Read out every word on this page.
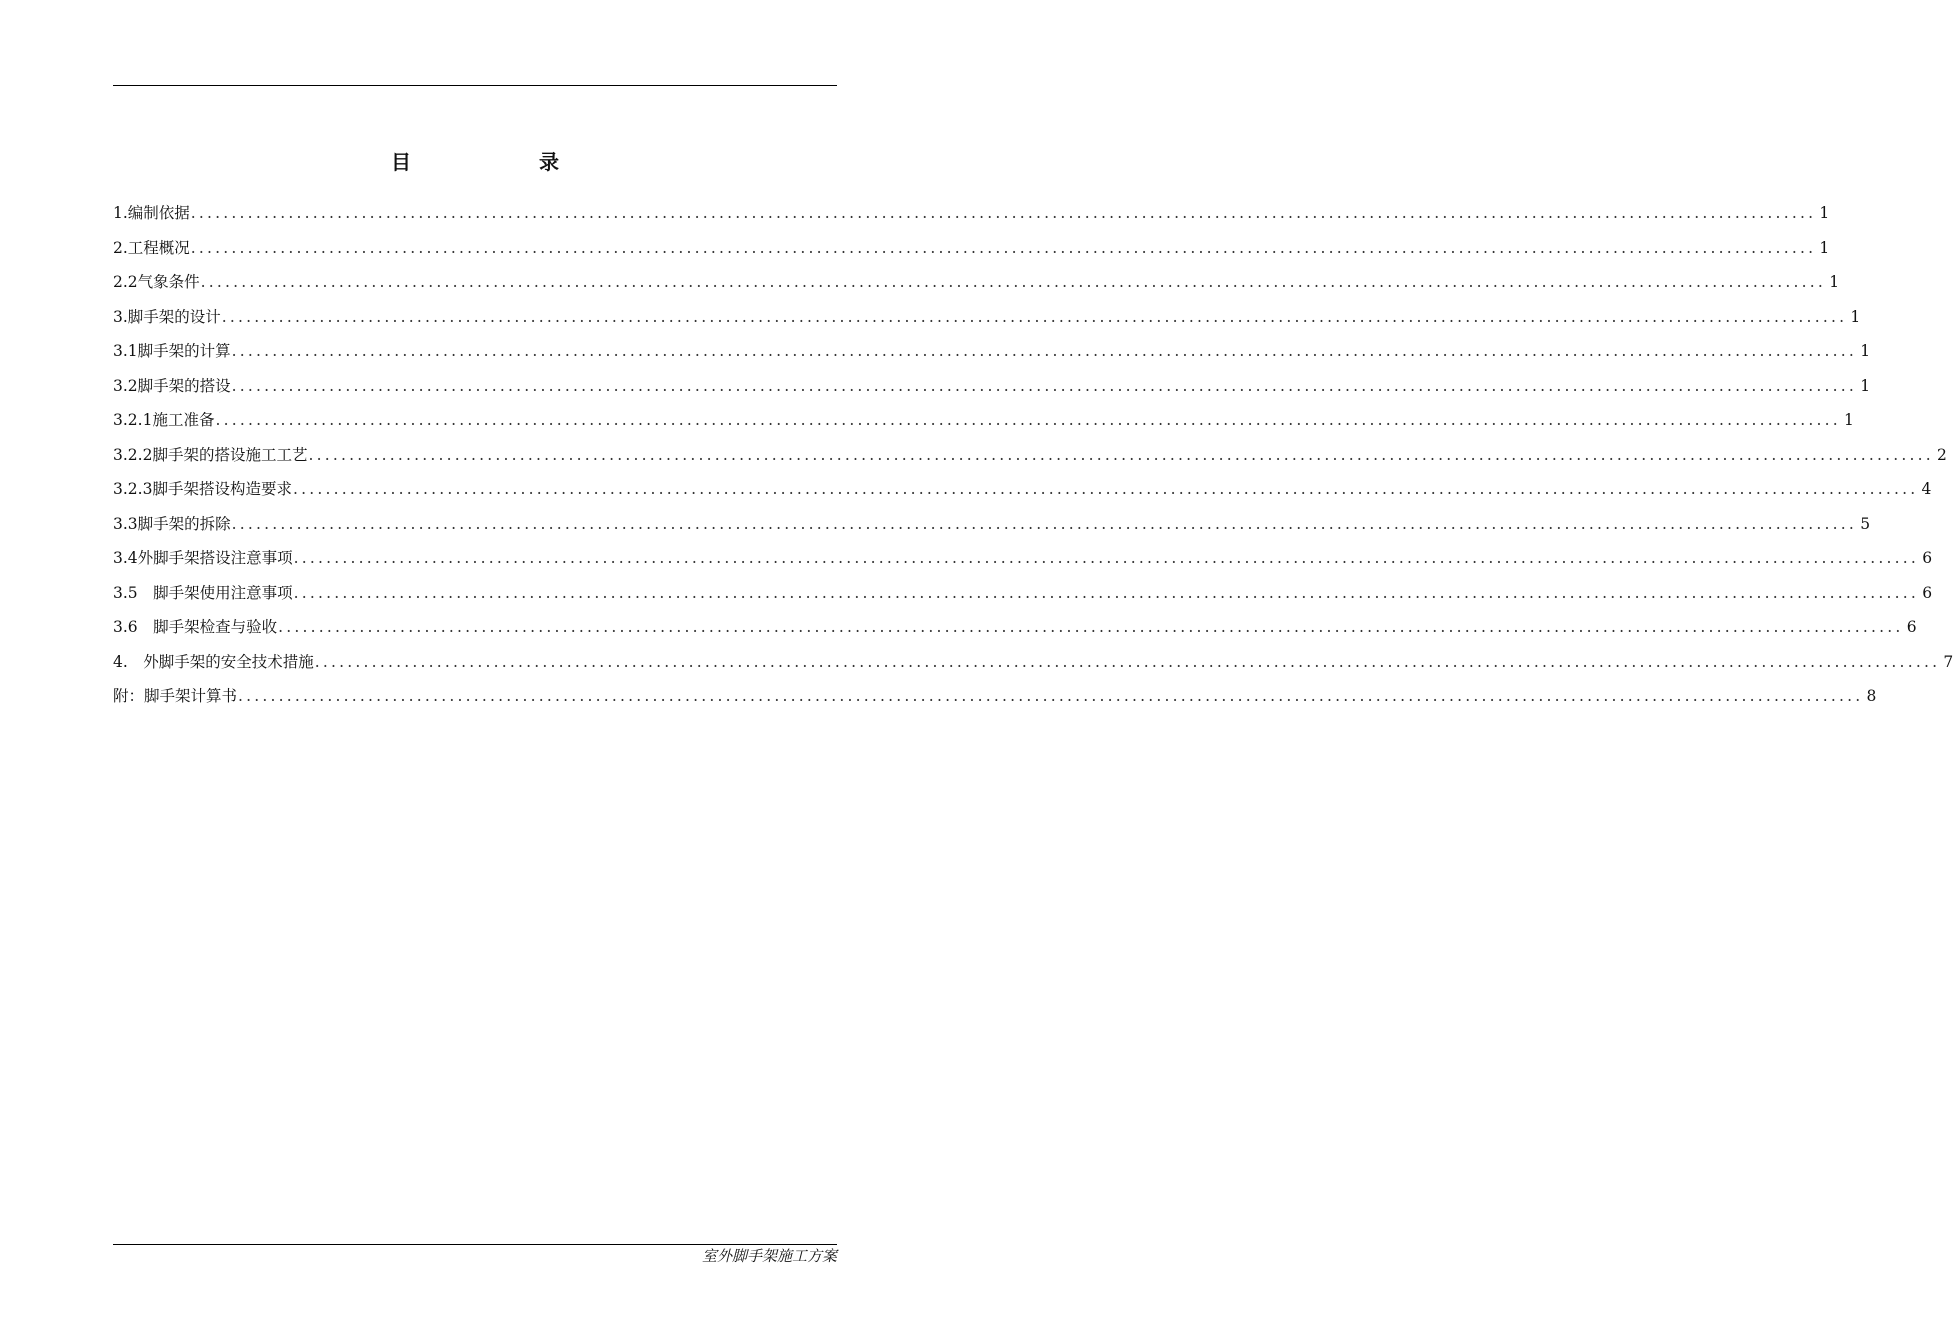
目　录
1.编制依据 ........................................................................................................................................................................................................ 1
2.工程概况 ........................................................................................................................................................................................................ 1
2.2气象条件 ........................................................................................................................................................................................................ 1
3.脚手架的设计 ........................................................................................................................................................................................................ 1
3.1脚手架的计算 ........................................................................................................................................................................................................ 1
3.2脚手架的搭设 ........................................................................................................................................................................................................ 1
3.2.1施工准备 ........................................................................................................................................................................................................ 1
3.2.2脚手架的搭设施工工艺 ........................................................................................................................................................................................................ 2
3.2.3脚手架搭设构造要求 ........................................................................................................................................................................................................ 4
3.3脚手架的拆除 ........................................................................................................................................................................................................ 5
3.4外脚手架搭设注意事项 ........................................................................................................................................................................................................ 6
3.5　脚手架使用注意事项 ........................................................................................................................................................................................................ 6
3.6　脚手架检查与验收 ........................................................................................................................................................................................................ 6
4.　外脚手架的安全技术措施 ........................................................................................................................................................................................................ 7
附：脚手架计算书 ........................................................................................................................................................................................................ 8
室外脚手架施工方案
